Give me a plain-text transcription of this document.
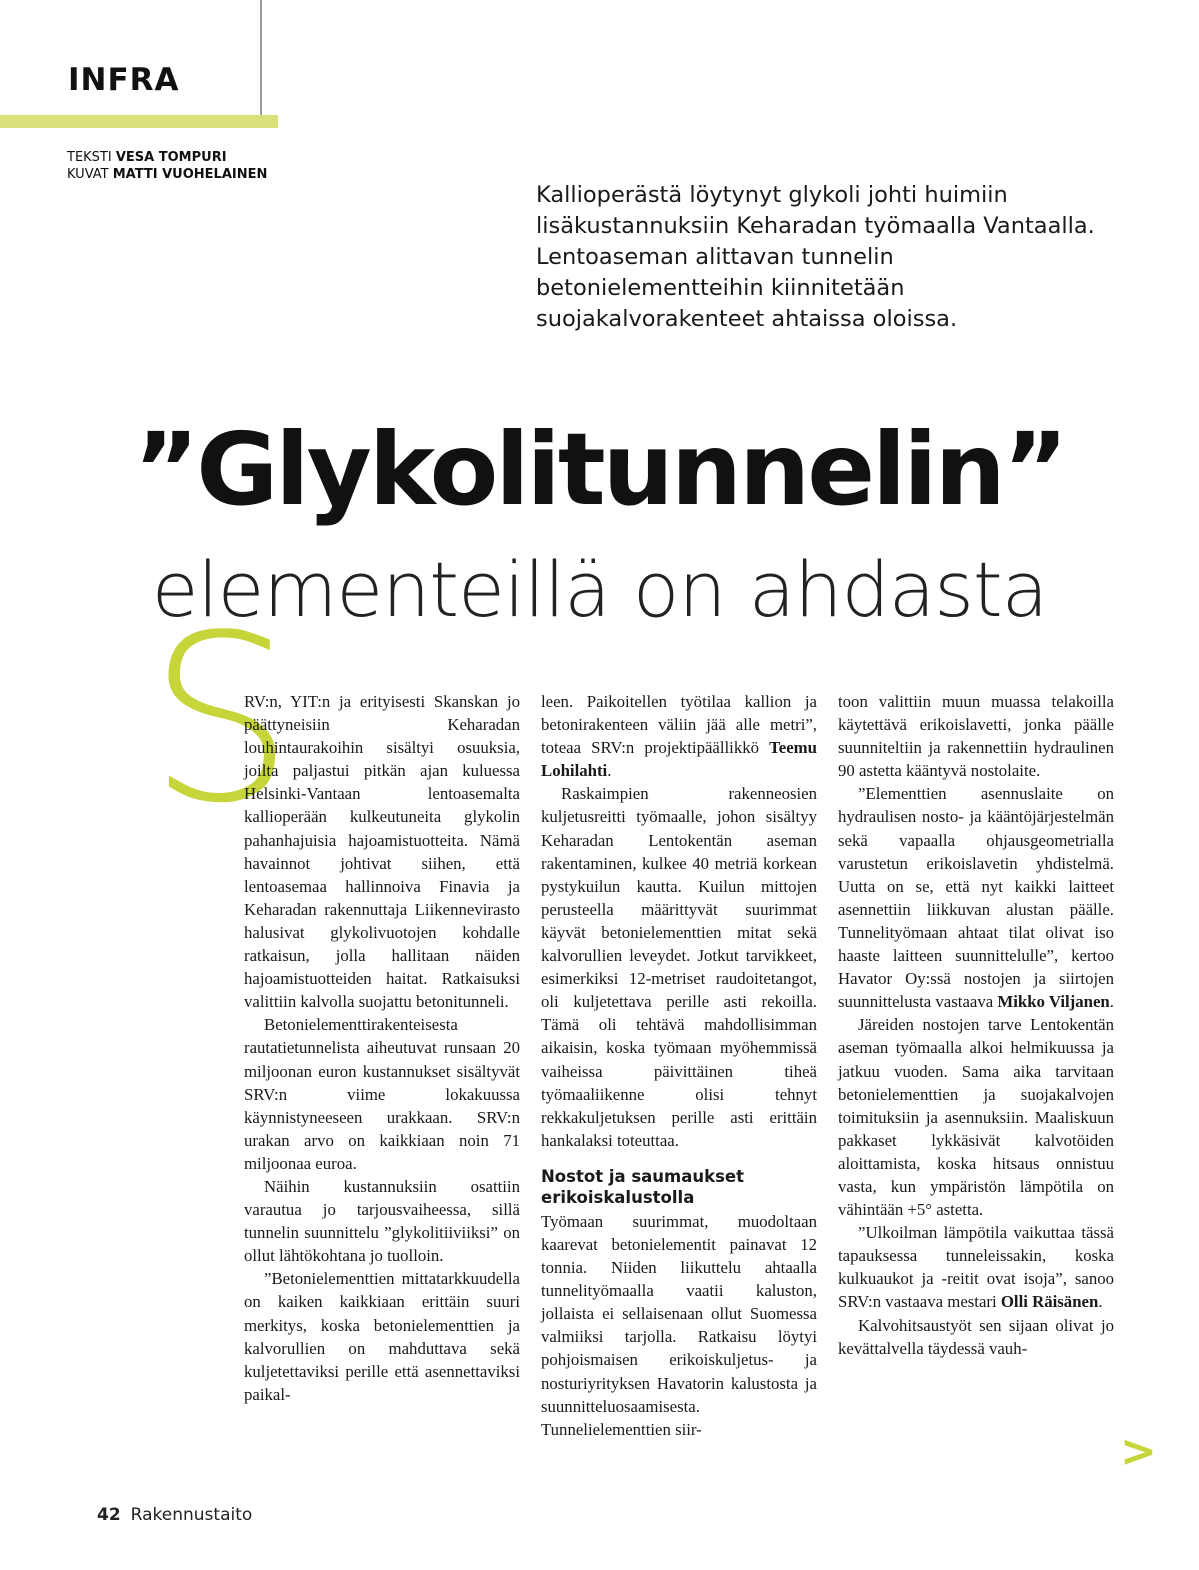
INFRA
TEKSTI VESA TOMPURI
KUVAT MATTI VUOHELAINEN
Kallioperästä löytynyt glykoli johti huimiin lisäkustannuksiin Keharadan työmaalla Vantaalla. Lentoaseman alittavan tunnelin betonielementteihin kiinnitetään suojakalvorakenteet ahtaissa oloissa.
”Glykolitunnelin”
elementeillä on ahdasta
S

RV:n, YIT:n ja erityisesti Skanskan jo päättyneisiin Keharadan louhintaurakoihin sisältyi osuuksia, joilta paljastui pitkän ajan kuluessa Helsinki-Vantaan lentoasemalta kallioperään kulkeutuneita glykolin pahanhajuisia hajoamistuotteita. Nämä havainnot johtivat siihen, että lentoasemaa hallinnoiva Finavia ja Keharadan rakennuttaja Liikennevirasto halusivat glykolivuotojen kohdalle ratkaisun, jolla hallitaan näiden hajoamistuotteiden haitat. Ratkaisuksi valittiin kalvolla suojattu betonitunneli.

Betonielementtirakenteisesta rautatietunnelista aiheutuvat runsaan 20 miljoonan euron kustannukset sisältyvät SRV:n viime lokakuussa käynnistyneeseen urakkaan. SRV:n urakan arvo on kaikkiaan noin 71 miljoonaa euroa.

Näihin kustannuksiin osattiin varautua jo tarjousvaiheessa, sillä tunnelin suunnittelu ”glykolitiiviiksi” on ollut lähtökohtana jo tuolloin.

”Betonielementtien mittatarkkuudella on kaiken kaikkiaan erittäin suuri merkitys, koska betonielementtien ja kalvorullien on mahduttava sekä kuljetettaviksi perille että asennettaviksi paikal-

leen. Paikoitellen työtilaa kallion ja betonirakenteen väliin jää alle metri”, toteaa SRV:n projektipäällikkö Teemu Lohilahti.

Raskaimpien rakenneosien kuljetusreitti työmaalle, johon sisältyy Keharadan Lentokentän aseman rakentaminen, kulkee 40 metriä korkean pystykuilun kautta. Kuilun mittojen perusteella määrittyvät suurimmat käyvät betonielementtien mitat sekä kalvorullien leveydet. Jotkut tarvikkeet, esimerkiksi 12-metriset raudoitetangot, oli kuljetettava perille asti rekoilla. Tämä oli tehtävä mahdollisimman aikaisin, koska työmaan myöhemmissä vaiheissa päivittäinen tiheä työmaaliikenne olisi tehnyt rekkakuljetuksen perille asti erittäin hankalaksi toteuttaa.

Nostot ja saumaukset erikoiskalustolla

Työmaan suurimmat, muodoltaan kaarevat betonielementit painavat 12 tonnia. Niiden liikuttelu ahtaalla tunnelityömaalla vaatii kaluston, jollaista ei sellaisenaan ollut Suomessa valmiiksi tarjolla. Ratkaisu löytyi pohjoismaisen erikoiskuljetus- ja nosturiyrityksen Havatorin kalustosta ja suunnitteluosaamisesta. Tunnelielementtien siir-

toon valittiin muun muassa telakoilla käytettävä erikoislavetti, jonka päälle suunniteltiin ja rakennettiin hydraulinen 90 astetta kääntyvä nostolaite.

”Elementtien asennuslaite on hydraulisen nosto- ja kääntöjärjestelmän sekä vapaalla ohjausgeometrialla varustetun erikoislavetin yhdistelmä. Uutta on se, että nyt kaikki laitteet asennettiin liikkuvan alustan päälle. Tunnelityömaan ahtaat tilat olivat iso haaste laitteen suunnittelulle”, kertoo Havator Oy:ssä nostojen ja siirtojen suunnittelusta vastaava Mikko Viljanen.

Järeiden nostojen tarve Lentokentän aseman työmaalla alkoi helmikuussa ja jatkuu vuoden. Sama aika tarvitaan betonielementtien ja suojakalvojen toimituksiin ja asennuksiin. Maaliskuun pakkaset lykkäsivät kalvotöiden aloittamista, koska hitsaus onnistuu vasta, kun ympäristön lämpötila on vähintään +5° astetta.

”Ulkoilman lämpötila vaikuttaa tässä tapauksessa tunneleissakin, koska kulkuaukot ja -reitit ovat isoja”, sanoo SRV:n vastaava mestari Olli Räisänen.

Kalvohitsaustyöt sen sijaan olivat jo kevättalvella täydessä vauh-

>
42 Rakennustaito
